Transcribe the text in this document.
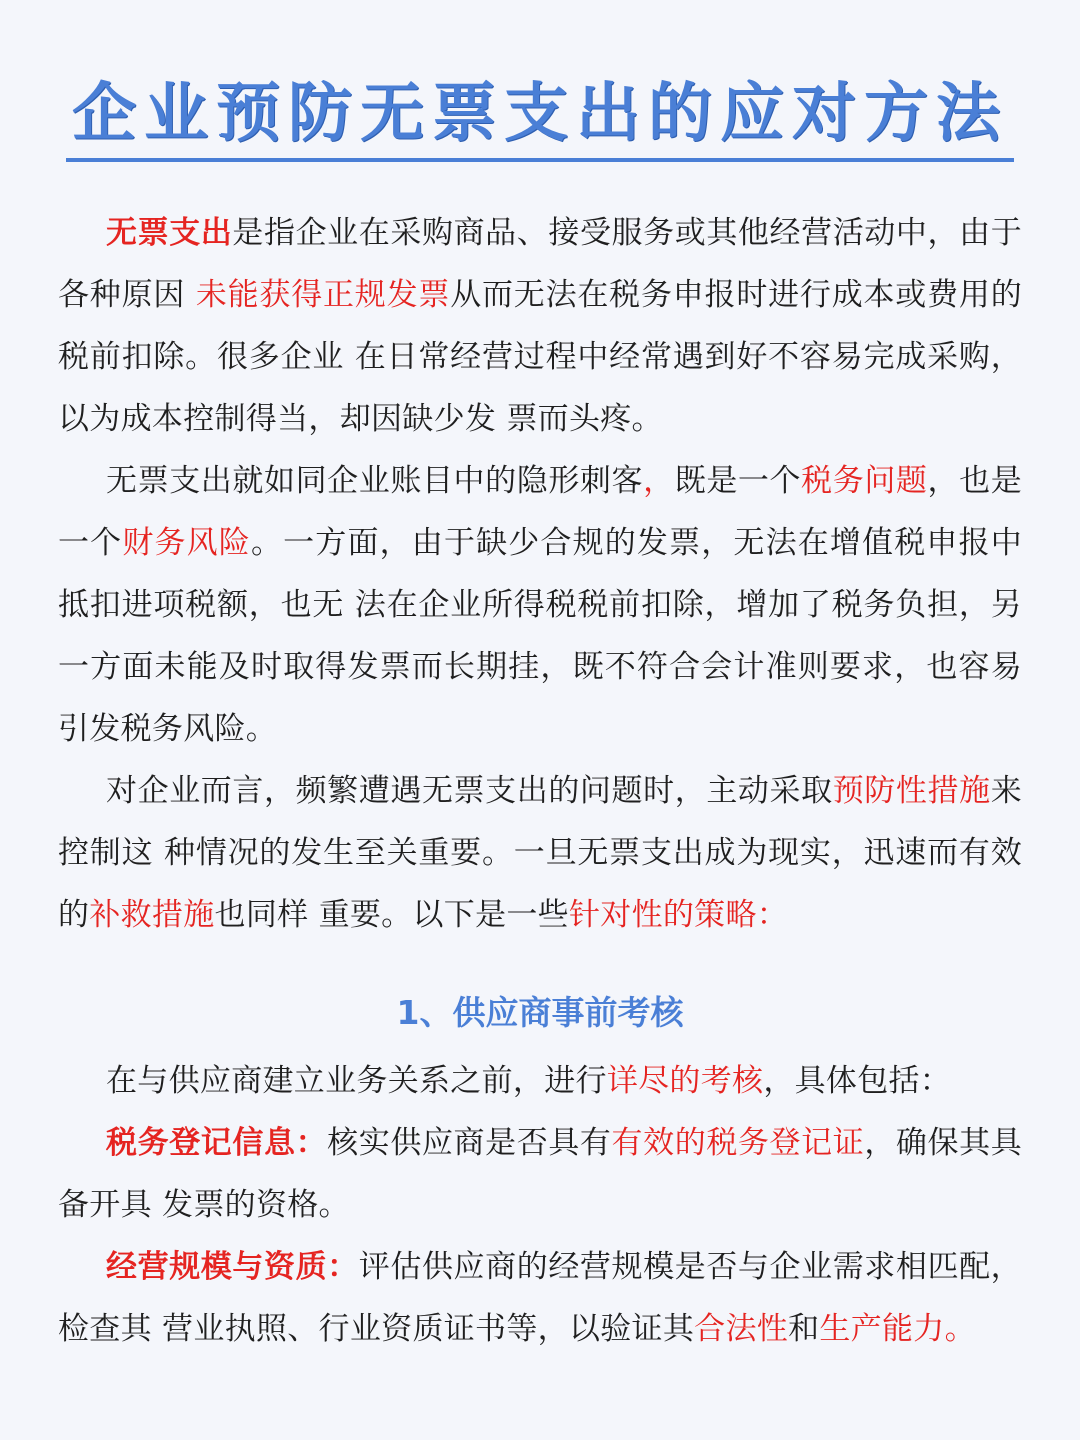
企业预防无票支出的应对方法

无票支出是指企业在采购商品、接受服务或其他经营活动中，由于各种原因 未能获得正规发票从而无法在税务申报时进行成本或费用的税前扣除。很多企业 在日常经营过程中经常遇到好不容易完成采购，以为成本控制得当，却因缺少发 票而头疼。

无票支出就如同企业账目中的隐形刺客，既是一个税务问题，也是一个财务风险。一方面，由于缺少合规的发票，无法在增值税申报中抵扣进项税额，也无 法在企业所得税税前扣除，增加了税务负担，另一方面未能及时取得发票而长期挂，既不符合会计准则要求，也容易引发税务风险。

对企业而言，频繁遭遇无票支出的问题时，主动采取预防性措施来控制这 种情况的发生至关重要。一旦无票支出成为现实，迅速而有效的补救措施也同样 重要。以下是一些针对性的策略：

1、供应商事前考核

在与供应商建立业务关系之前，进行详尽的考核，具体包括：

税务登记信息：核实供应商是否具有有效的税务登记证，确保其具备开具 发票的资格。

经营规模与资质：评估供应商的经营规模是否与企业需求相匹配，检查其 营业执照、行业资质证书等，以验证其合法性和生产能力。
